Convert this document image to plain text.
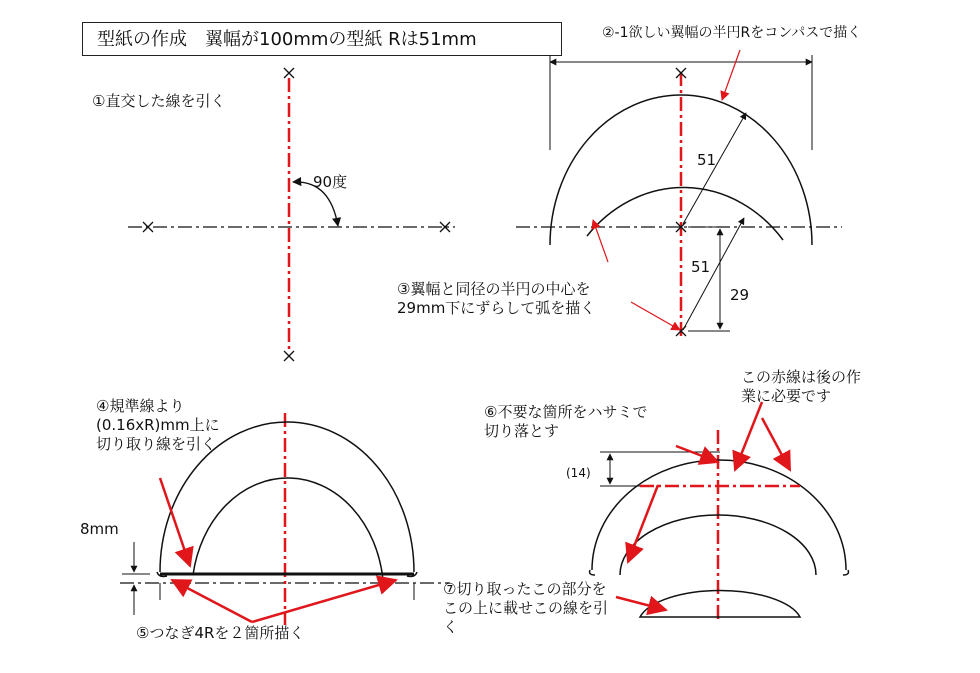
型紙の作成　翼幅が100mmの型紙 Rは51mm
①直交した線を引く
90度
②-1欲しい翼幅の半円Rをコンパスで描く
51
51
29
③翼幅と同径の半円の中心を
29mm下にずらして弧を描く
④規準線より
(0.16xR)mm上に
切り取り線を引く
8mm
⑤つなぎ4Rを２箇所描く
⑥不要な箇所をハサミで
切り落とす
この赤線は後の作
業に必要です
(14)
⑦切り取ったこの部分を
この上に載せこの線を引
く
